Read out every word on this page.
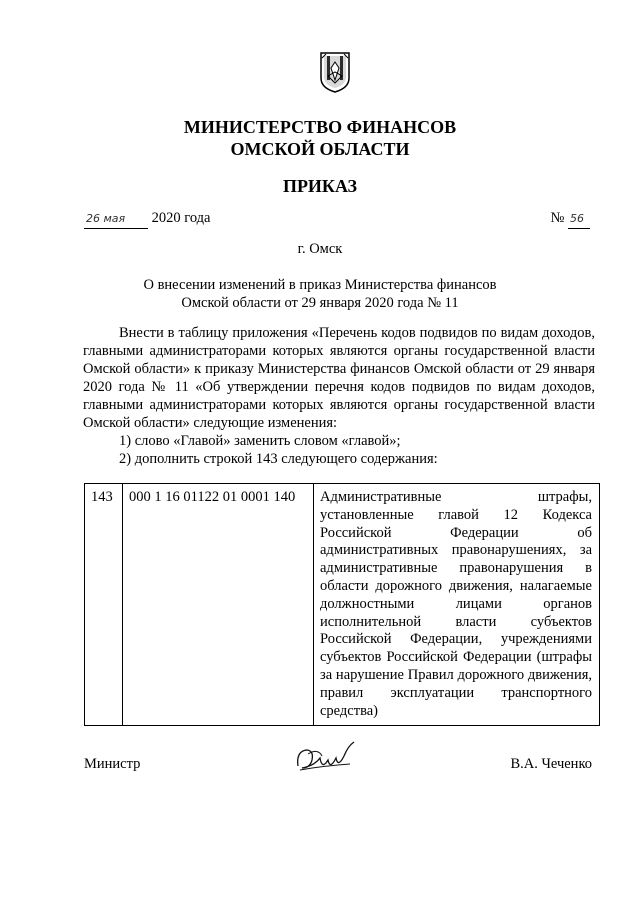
МИНИСТЕРСТВО ФИНАНСОВ
ОМСКОЙ ОБЛАСТИ
ПРИКАЗ
26 мая 2020 года	№ 56
г. Омск
О внесении изменений в приказ Министерства финансов
Омской области от 29 января 2020 года № 11

Внести в таблицу приложения «Перечень кодов подвидов по видам доходов, главными администраторами которых являются органы государственной власти Омской области» к приказу Министерства финансов Омской области от 29 января 2020 года № 11 «Об утверждении перечня кодов подвидов по видам доходов, главными администраторами которых являются органы государственной власти Омской области» следующие изменения:

1) слово «Главой» заменить словом «главой»;

2) дополнить строкой 143 следующего содержания:

143	000 1 16 01122 01 0001 140	Административные штрафы, установленные главой 12 Кодекса Российской Федерации об административных правонарушениях, за административные правонарушения в области дорожного движения, налагаемые должностными лицами органов исполнительной власти субъектов Российской Федерации, учреждениями субъектов Российской Федерации (штрафы за нарушение Правил дорожного движения, правил эксплуатации транспортного средства)
Министр	В.А. Чеченко
